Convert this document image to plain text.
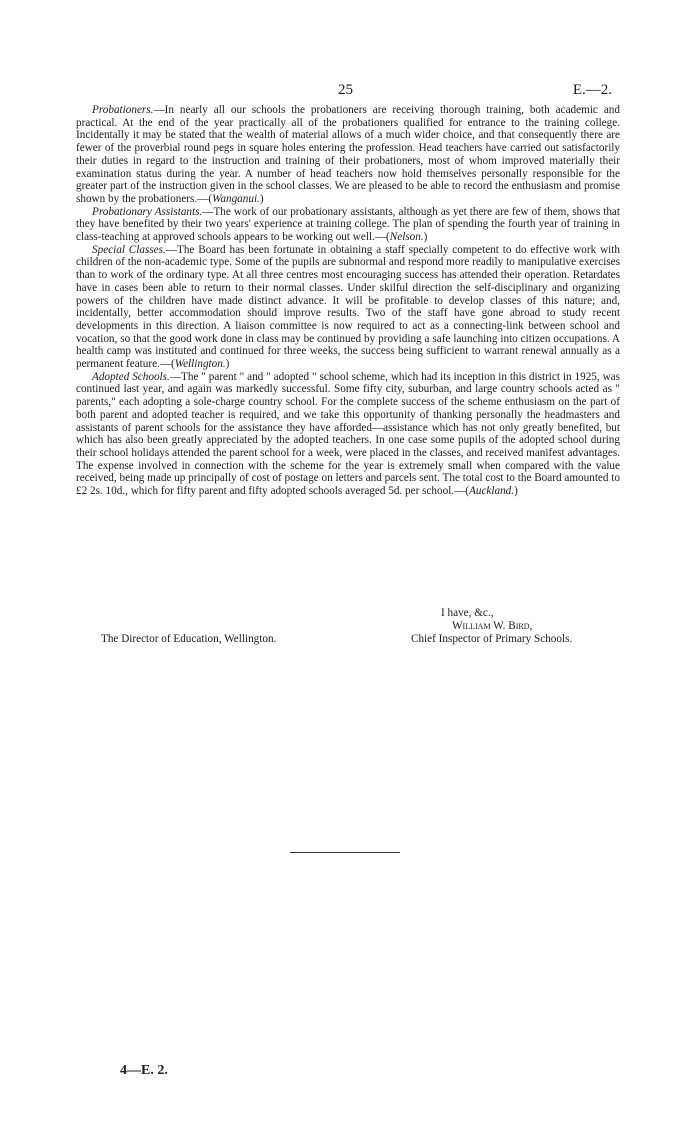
25	E.—2.

Probationers.—In nearly all our schools the probationers are receiving thorough training, both academic and practical. At the end of the year practically all of the probationers qualified for entrance to the training college. Incidentally it may be stated that the wealth of material allows of a much wider choice, and that consequently there are fewer of the proverbial round pegs in square holes entering the profession. Head teachers have carried out satisfactorily their duties in regard to the instruction and training of their probationers, most of whom improved materially their examination status during the year. A number of head teachers now hold themselves personally responsible for the greater part of the instruction given in the school classes. We are pleased to be able to record the enthusiasm and promise shown by the probationers.—(Wanganui.)

Probationary Assistants.—The work of our probationary assistants, although as yet there are few of them, shows that they have benefited by their two years' experience at training college. The plan of spending the fourth year of training in class-teaching at approved schools appears to be working out well.—(Nelson.)

Special Classes.—The Board has been fortunate in obtaining a staff specially competent to do effective work with children of the non-academic type. Some of the pupils are subnormal and respond more readily to manipulative exercises than to work of the ordinary type. At all three centres most encouraging success has attended their operation. Retardates have in cases been able to return to their normal classes. Under skilful direction the self-disciplinary and organizing powers of the children have made distinct advance. It will be profitable to develop classes of this nature; and, incidentally, better accommodation should improve results. Two of the staff have gone abroad to study recent developments in this direction. A liaison committee is now required to act as a connecting-link between school and vocation, so that the good work done in class may be continued by providing a safe launching into citizen occupations. A health camp was instituted and continued for three weeks, the success being sufficient to warrant renewal annually as a permanent feature.—(Wellington.)

Adopted Schools.—The " parent " and " adopted " school scheme, which had its inception in this district in 1925, was continued last year, and again was markedly successful. Some fifty city, suburban, and large country schools acted as " parents," each adopting a sole-charge country school. For the complete success of the scheme enthusiasm on the part of both parent and adopted teacher is required, and we take this opportunity of thanking personally the headmasters and assistants of parent schools for the assistance they have afforded—assistance which has not only greatly benefited, but which has also been greatly appreciated by the adopted teachers. In one case some pupils of the adopted school during their school holidays attended the parent school for a week, were placed in the classes, and received manifest advantages. The expense involved in connection with the scheme for the year is extremely small when compared with the value received, being made up principally of cost of postage on letters and parcels sent. The total cost to the Board amounted to £2 2s. 10d., which for fifty parent and fifty adopted schools averaged 5d. per school.—(Auckland.)

I have, &c.,
William W. Bird,
Chief Inspector of Primary Schools.
The Director of Education, Wellington.
4—E. 2.
